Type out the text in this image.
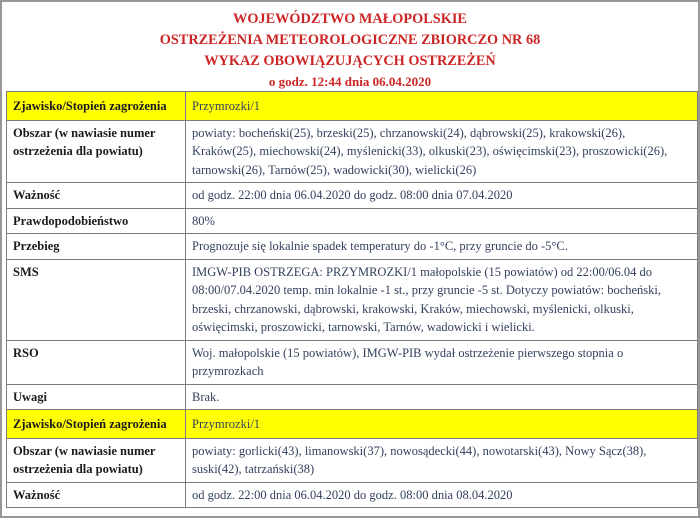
WOJEWÓDZTWO MAŁOPOLSKIE
OSTRZEŻENIA METEOROLOGICZNE ZBIORCZO NR 68
WYKAZ OBOWIĄZUJĄCYCH OSTRZEŻEŃ
o godz. 12:44 dnia 06.04.2020
Zjawisko/Stopień zagrożenia	Przymrozki/1
Obszar (w nawiasie numer ostrzeżenia dla powiatu)	powiaty: bocheński(25), brzeski(25), chrzanowski(24), dąbrowski(25), krakowski(26), Kraków(25), miechowski(24), myślenicki(33), olkuski(23), oświęcimski(23), proszowicki(26), tarnowski(26), Tarnów(25), wadowicki(30), wielicki(26)
Ważność	od godz. 22:00 dnia 06.04.2020 do godz. 08:00 dnia 07.04.2020
Prawdopodobieństwo	80%
Przebieg	Prognozuje się lokalnie spadek temperatury do -1°C, przy gruncie do -5°C.
SMS	IMGW-PIB OSTRZEGA: PRZYMROZKI/1 małopolskie (15 powiatów) od 22:00/06.04 do 08:00/07.04.2020 temp. min lokalnie -1 st., przy gruncie -5 st. Dotyczy powiatów: bocheński, brzeski, chrzanowski, dąbrowski, krakowski, Kraków, miechowski, myślenicki, olkuski, oświęcimski, proszowicki, tarnowski, Tarnów, wadowicki i wielicki.
RSO	Woj. małopolskie (15 powiatów), IMGW-PIB wydał ostrzeżenie pierwszego stopnia o przymrozkach
Uwagi	Brak.
Zjawisko/Stopień zagrożenia	Przymrozki/1
Obszar (w nawiasie numer ostrzeżenia dla powiatu)	powiaty: gorlicki(43), limanowski(37), nowosądecki(44), nowotarski(43), Nowy Sącz(38), suski(42), tatrzański(38)
Ważność	od godz. 22:00 dnia 06.04.2020 do godz. 08:00 dnia 08.04.2020
